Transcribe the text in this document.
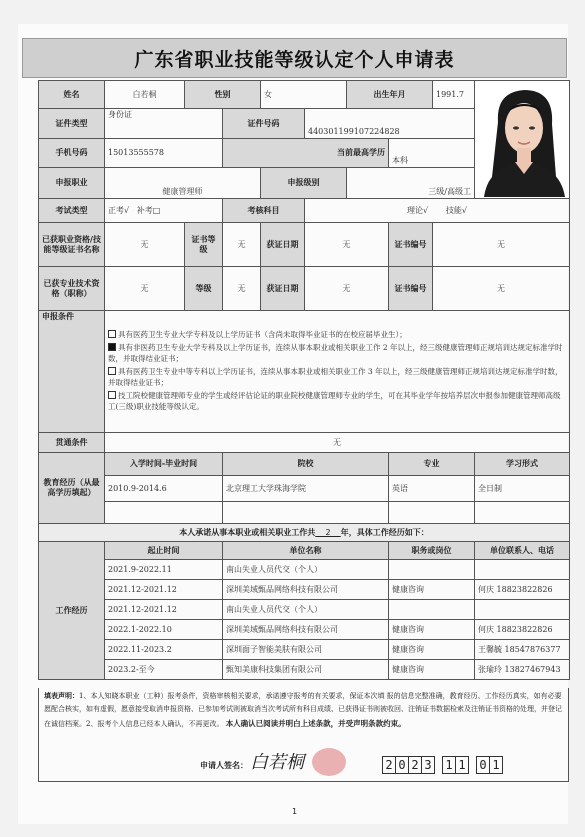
广东省职业技能等级认定个人申请表
姓名	白若桐	性别		女		出生年月		1991.7	

证件类型	身份证		证件号码		440301199107224828				
手机号码	15013555578		当前最高学历				本科		
申报职业	健康管理师			申报级别		三级/高级工			
考试类型	正考√ 补考□		考核科目		理论√ 技能√				
已获职业资格/技能等级证书名称	无	证书等级	无	获证日期	无		证书编号	无	
已获专业技术资格（职称）	无	等级	无	获证日期	无		证书编号	无	
申报条件	具有医药卫生专业大学专科及以上学历证书（含尚未取得毕业证书的在校应届毕业生）；

具有非医药卫生专业大学专科及以上学历证书，连续从事本职业或相关职业工作 2 年以上，经三级健康管理师正规培训达规定标准学时数，并取得结业证书；

具有医药卫生专业中等专科以上学历证书，连续从事本职业或相关职业工作 3 年以上，经三级健康管理师正规培训达规定标准学时数，并取得结业证书；

技工院校健康管理师专业的学生或经评估论证的职业院校健康管理师专业的学生，可在其毕业学年按培养层次申报参加健康管理师高级工(三级)职业技能等级认定。								

贯通条件	无								
教育经历（从最高学历填起）	入学时间-毕业时间		院校				专业		学习形式
	2010.9-2014.6		北京理工大学珠海学院				英语		全日制

本人承诺从事本职业或相关职业工作共 2 年，具体工作经历如下：									
工作经历	起止时间		单位名称				职务或岗位		单位联系人、电话
	2021.9-2022.11		南山失业人员代交（个人）						
	2021.12-2021.12		深圳美域甄品网络科技有限公司				健康咨询		何庆 18823822826
	2021.12-2021.12		南山失业人员代交（个人）						
	2022.1-2022.10		深圳美域甄品网络科技有限公司				健康咨询		何庆 18823822826
	2022.11-2023.2		深圳面子智能美肤有限公司				健康咨询		王馨毓 18547876377
	2023.2-至今		甄知美康科技集团有限公司				健康咨询		张瑜玲 13827467943
填表声明：1、本人知晓本职业（工种）报考条件，资格审核相关要求，承诺遵守报考的有关要求，保证本次填 报的信息完整准确，教育经历、工作经历真实，如有必要愿配合核实，如有虚假，愿意接受取消申报资格、已参加考试则被取消当次考试所有科目成绩、已获得证书则被收回、注销证书数据检索及注销证书资格的处理，并登记在诚信档案。2、报考个人信息已经本人确认，不再更改。 本人确认已阅读并明白上述条款，并受声明条款约束。
申请人签名： 白若桐	2 0 2 3 1 1 0 1
1
